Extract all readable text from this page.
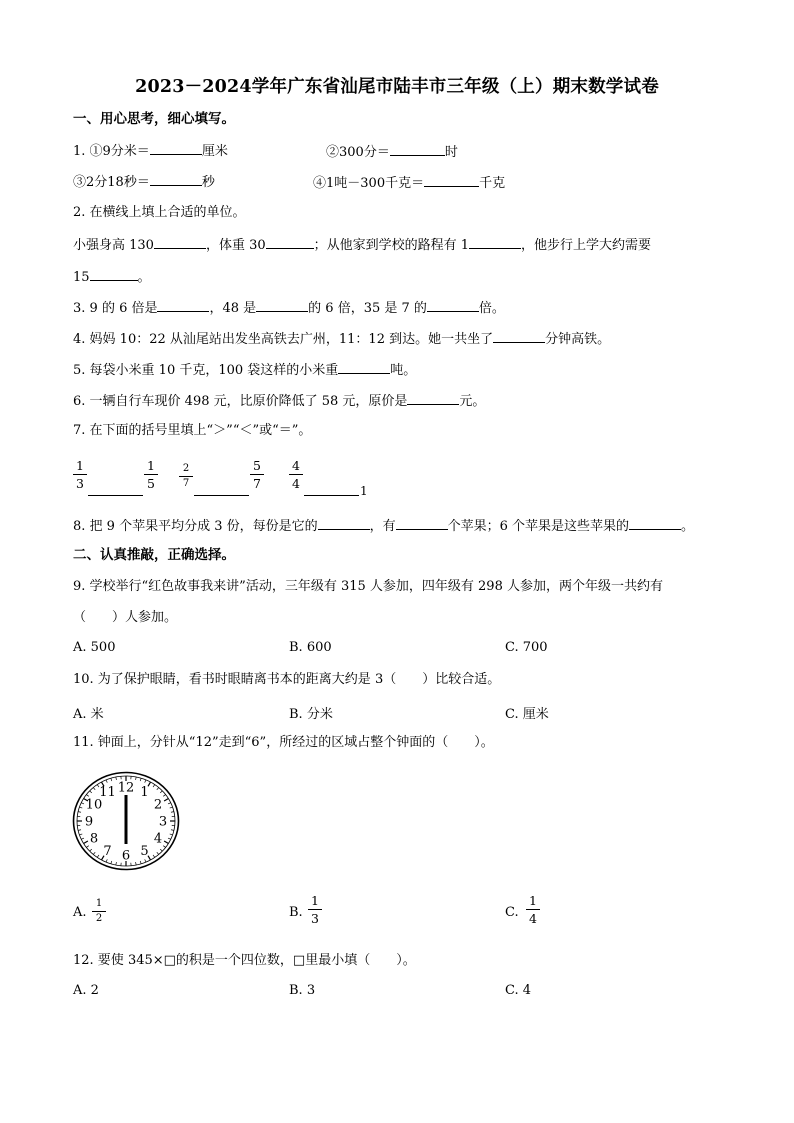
2023－2024学年广东省汕尾市陆丰市三年级（上）期末数学试卷
一、用心思考，细心填写。
1. ①9分米＝	厘米	②300分＝	时
③2分18秒＝	秒	④1吨－300千克＝	千克
2. 在横线上填上合适的单位。
小强身高 130	，体重 30	；从他家到学校的路程有 1	，他步行上学大约需要
15	。
3. 9 的 6 倍是	，48 是	的 6 倍，35 是 7 的	倍。
4. 妈妈 10：22 从汕尾站出发坐高铁去广州，11：12 到达。她一共坐了	分钟高铁。
5. 每袋小米重 10 千克，100 袋这样的小米重	吨。
6. 一辆自行车现价 498 元，比原价降低了 58 元，原价是	元。
7. 在下面的括号里填上“＞”“＜”或“＝”。
1
3
1
5
2
7
5
7
4
4	1
8. 把 9 个苹果平均分成 3 份，每份是它的	，有	个苹果；6 个苹果是这些苹果的	。
二、认真推敲，正确选择。
9. 学校举行“红色故事我来讲”活动，三年级有 315 人参加，四年级有 298 人参加，两个年级一共约有
（　　）人参加。
A. 500	B. 600	C. 700
10. 为了保护眼睛，看书时眼睛离书本的距离大约是 3（　　）比较合适。
A. 米	B. 分米	C. 厘米
11. 钟面上，分针从“12”走到“6”，所经过的区域占整个钟面的（　　）。
12 1
2
3
4
5
6
7
8
9
10
11
A.
1
2	B.
1
3	C.
1
4
12. 要使 345×□的积是一个四位数，□里最小填（　　）。
A. 2	B. 3	C. 4
